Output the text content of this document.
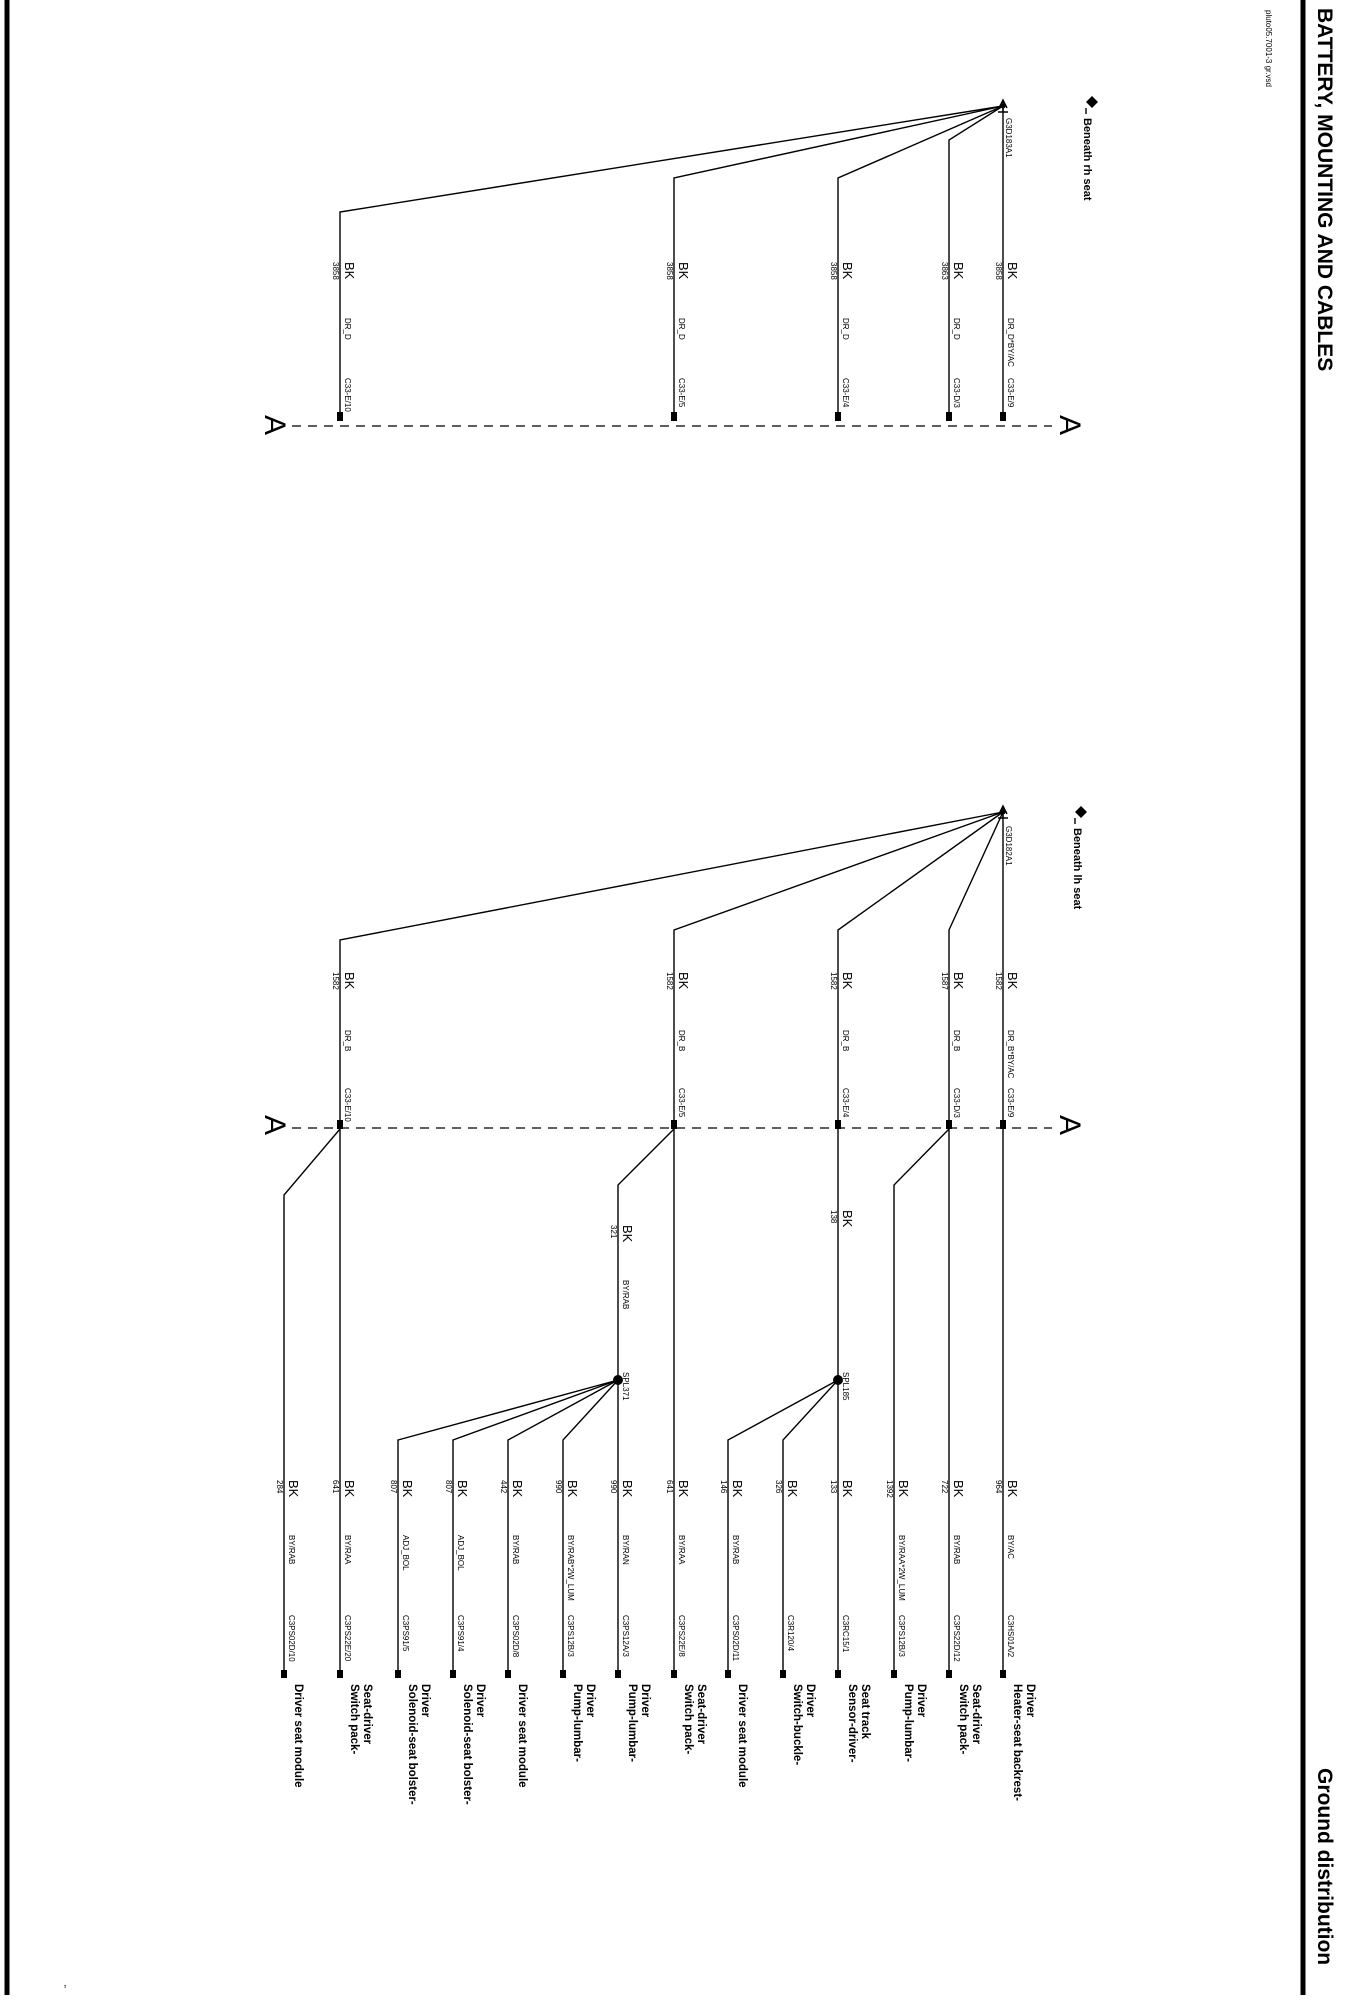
BATTERY, MOUNTING AND CABLES
Ground distribution
pluto05.7001-3 gr.vsd
"
Beneath rh seat
G3D183A1
BK
3858
DR_D*BY/AC
C33-E/9
BK
3863
DR_D
C33-D/3
BK
3858
DR_D
C33-E/4
BK
3858
DR_D
C33-E/5
BK
3858
DR_D
C33-E/10
A	A
Beneath lh seat
G3D182A1
BK
1582
DR_B*BY/AC
C33-E/9
BK
1587
DR_B
C33-D/3
BK
1582
DR_B
C33-E/4
BK
1582
DR_B
C33-E/5
BK
1582
DR_B
C33-E/10
A	A
BK
138
BK
321
BY/RAB
SPL185
SPL371
BK
964
BY/AC
C3HS01A/2
BK
722
BY/RAB
C3PS22D/12
BK
1392
BY/RAA*2W_LUM
C3PS12B/3
BK
133
C3RC15/1
BK
326
C3R120/4
BK
146
BY/RAB
C3PS02D/11
BK
641
BY/RAA
C3PS22E/8
BK
990
BY/RAN
C3PS12A/3
BK
990
BY/RAB*2W_LUM
C3PS12B/3
BK
442
BY/RAB
C3PS02D/8
BK
807
ADJ_BOL
C3PS91/4
BK
807
ADJ_BOL
C3PS91/5
BK
641
BY/RAA
C3PS22E/20
BK
284
BY/RAB
C3PS02D/10
Heater-seat backrest-Driver
Switch pack-Seat-driver
Pump-lumbar-Driver
Sensor-driver-Seat track
Switch-buckle-Driver
Driver seat module
Switch pack-Seat-driver
Pump-lumbar-Driver
Pump-lumbar-Driver
Driver seat module
Solenoid-seat bolster-Driver
Solenoid-seat bolster-Driver
Switch pack-Seat-driver
Driver seat module
